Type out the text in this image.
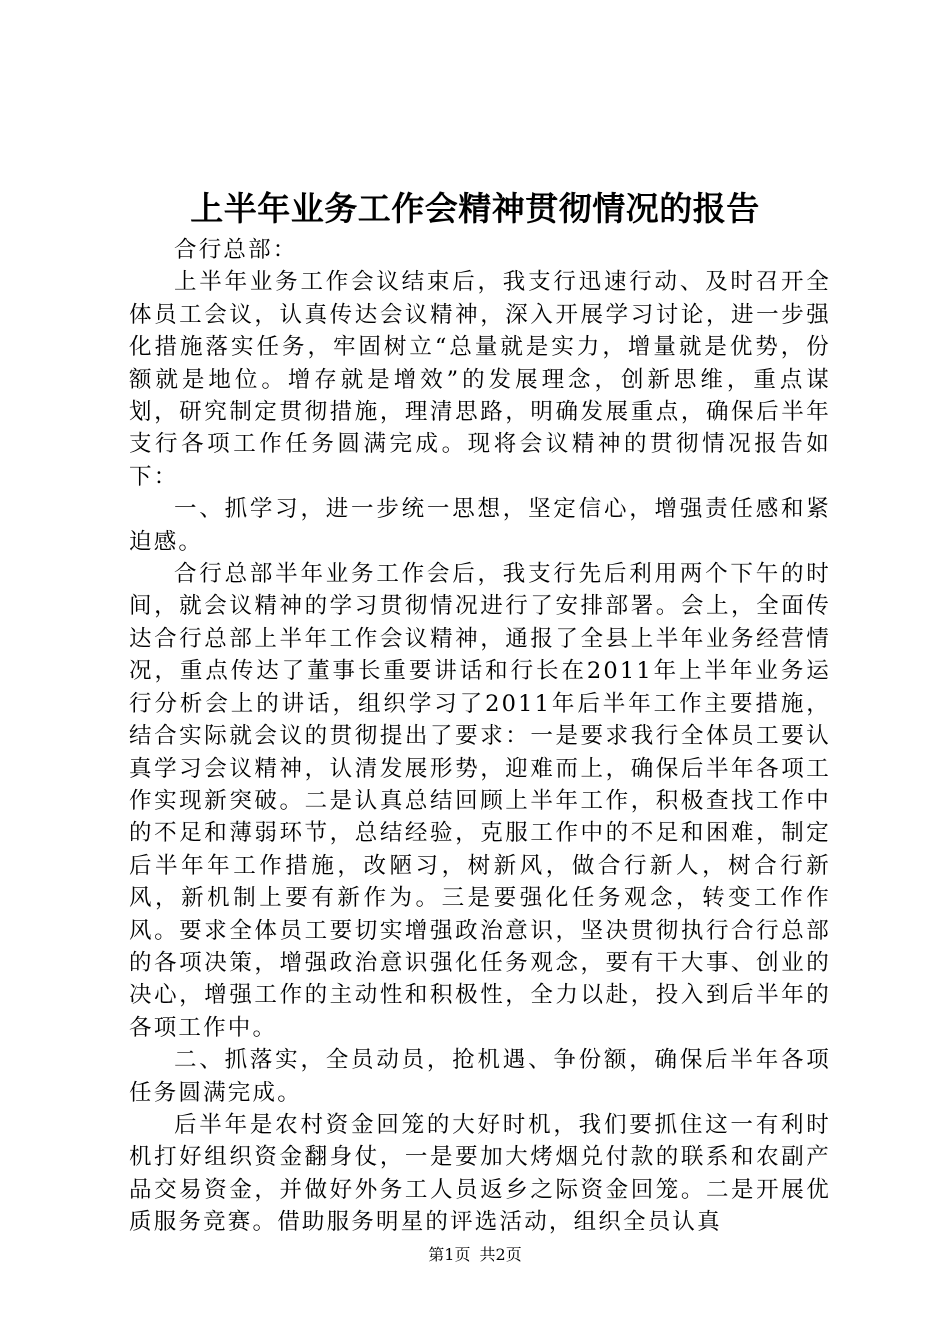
上半年业务工作会精神贯彻情况的报告

合行总部：

上半年业务工作会议结束后，我支行迅速行动、及时召开全体员工会议，认真传达会议精神，深入开展学习讨论，进一步强化措施落实任务，牢固树立“总量就是实力，增量就是优势，份额就是地位。增存就是增效”的发展理念，创新思维，重点谋划，研究制定贯彻措施，理清思路，明确发展重点，确保后半年支行各项工作任务圆满完成。现将会议精神的贯彻情况报告如下：

一、抓学习，进一步统一思想，坚定信心，增强责任感和紧迫感。

合行总部半年业务工作会后，我支行先后利用两个下午的时间，就会议精神的学习贯彻情况进行了安排部署。会上，全面传达合行总部上半年工作会议精神，通报了全县上半年业务经营情况，重点传达了董事长重要讲话和行长在2011年上半年业务运行分析会上的讲话，组织学习了2011年后半年工作主要措施，结合实际就会议的贯彻提出了要求：一是要求我行全体员工要认真学习会议精神，认清发展形势，迎难而上，确保后半年各项工作实现新突破。二是认真总结回顾上半年工作，积极查找工作中的不足和薄弱环节，总结经验，克服工作中的不足和困难，制定后半年年工作措施，改陋习，树新风，做合行新人，树合行新风，新机制上要有新作为。三是要强化任务观念，转变工作作风。要求全体员工要切实增强政治意识，坚决贯彻执行合行总部的各项决策，增强政治意识强化任务观念，要有干大事、创业的决心，增强工作的主动性和积极性，全力以赴，投入到后半年的各项工作中。

二、抓落实，全员动员，抢机遇、争份额，确保后半年各项任务圆满完成。

后半年是农村资金回笼的大好时机，我们要抓住这一有利时机打好组织资金翻身仗，一是要加大烤烟兑付款的联系和农副产品交易资金，并做好外务工人员返乡之际资金回笼。二是开展优质服务竞赛。借助服务明星的评选活动，组织全员认真

第1页 共2页
